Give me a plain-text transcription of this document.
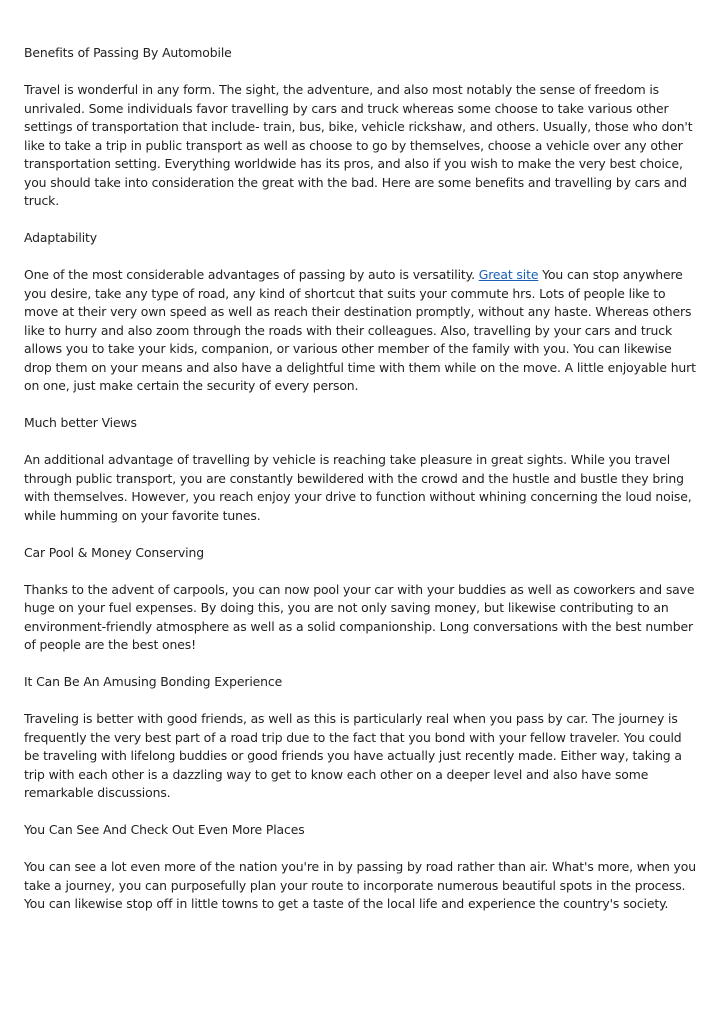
Benefits of Passing By Automobile
Travel is wonderful in any form. The sight, the adventure, and also most notably the sense of freedom is unrivaled. Some individuals favor travelling by cars and truck whereas some choose to take various other settings of transportation that include- train, bus, bike, vehicle rickshaw, and others. Usually, those who don't like to take a trip in public transport as well as choose to go by themselves, choose a vehicle over any other transportation setting. Everything worldwide has its pros, and also if you wish to make the very best choice, you should take into consideration the great with the bad. Here are some benefits and travelling by cars and truck.
Adaptability
One of the most considerable advantages of passing by auto is versatility. Great site You can stop anywhere you desire, take any type of road, any kind of shortcut that suits your commute hrs. Lots of people like to move at their very own speed as well as reach their destination promptly, without any haste. Whereas others like to hurry and also zoom through the roads with their colleagues. Also, travelling by your cars and truck allows you to take your kids, companion, or various other member of the family with you. You can likewise drop them on your means and also have a delightful time with them while on the move. A little enjoyable hurt on one, just make certain the security of every person.
Much better Views
An additional advantage of travelling by vehicle is reaching take pleasure in great sights. While you travel through public transport, you are constantly bewildered with the crowd and the hustle and bustle they bring with themselves. However, you reach enjoy your drive to function without whining concerning the loud noise, while humming on your favorite tunes.
Car Pool & Money Conserving
Thanks to the advent of carpools, you can now pool your car with your buddies as well as coworkers and save huge on your fuel expenses. By doing this, you are not only saving money, but likewise contributing to an environment-friendly atmosphere as well as a solid companionship. Long conversations with the best number of people are the best ones!
It Can Be An Amusing Bonding Experience
Traveling is better with good friends, as well as this is particularly real when you pass by car. The journey is frequently the very best part of a road trip due to the fact that you bond with your fellow traveler. You could be traveling with lifelong buddies or good friends you have actually just recently made. Either way, taking a trip with each other is a dazzling way to get to know each other on a deeper level and also have some remarkable discussions.
You Can See And Check Out Even More Places
You can see a lot even more of the nation you're in by passing by road rather than air. What's more, when you take a journey, you can purposefully plan your route to incorporate numerous beautiful spots in the process. You can likewise stop off in little towns to get a taste of the local life and experience the country's society.
